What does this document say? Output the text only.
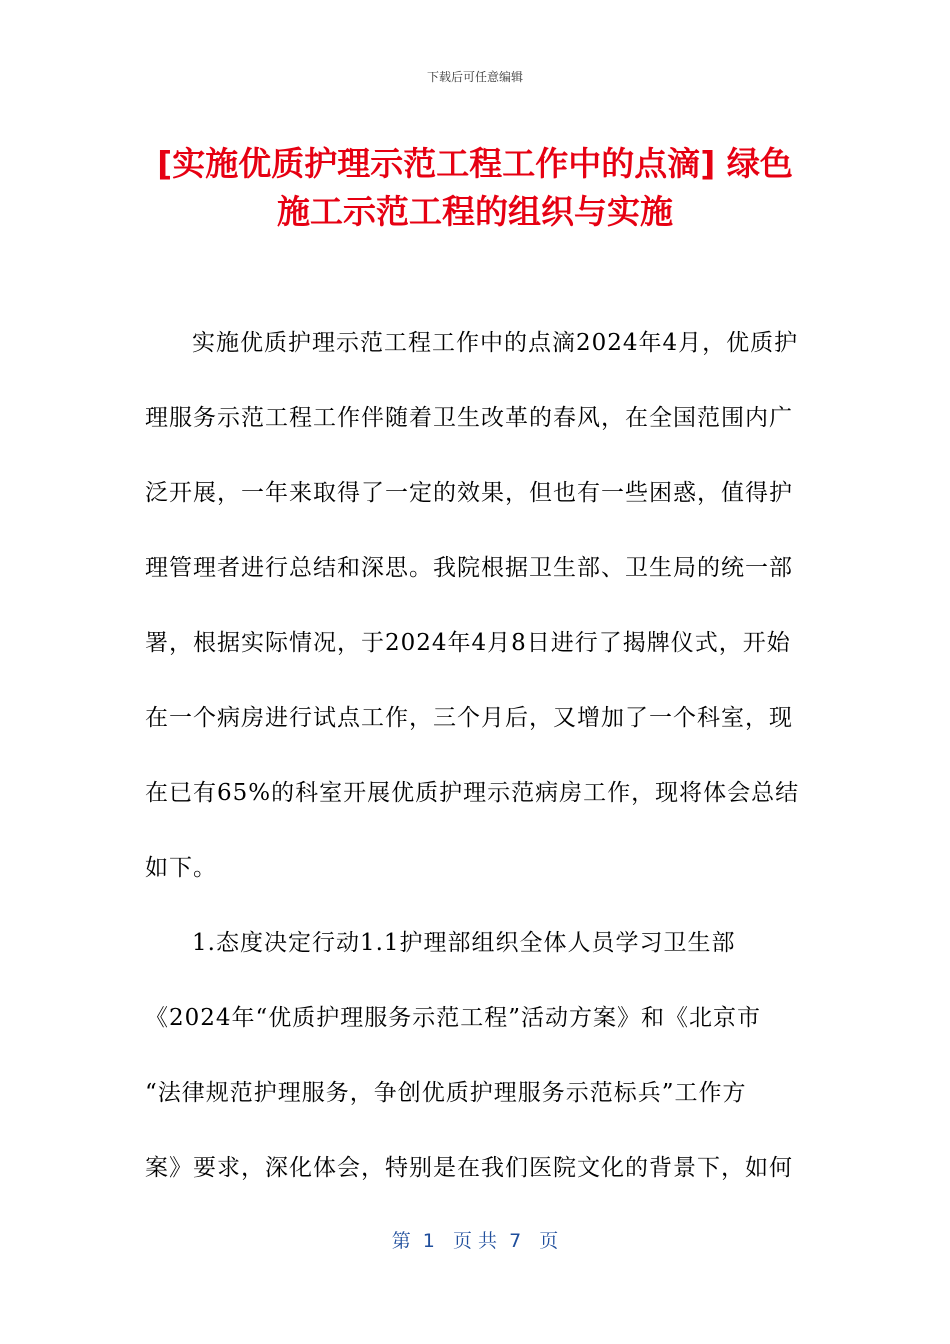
下载后可任意编辑
[实施优质护理示范工程工作中的点滴] 绿色
施工示范工程的组织与实施

实施优质护理示范工程工作中的点滴2024年4月，优质护
理服务示范工程工作伴随着卫生改革的春风，在全国范围内广
泛开展，一年来取得了一定的效果，但也有一些困惑，值得护
理管理者进行总结和深思。我院根据卫生部、卫生局的统一部
署，根据实际情况，于2024年4月8日进行了揭牌仪式，开始
在一个病房进行试点工作，三个月后，又增加了一个科室，现
在已有65%的科室开展优质护理示范病房工作，现将体会总结
如下。

1.态度决定行动1.1护理部组织全体人员学习卫生部
《2024年“优质护理服务示范工程”活动方案》和《北京市
“法律规范护理服务，争创优质护理服务示范标兵”工作方
案》要求，深化体会，特别是在我们医院文化的背景下，如何

第  1   页 共  7   页
